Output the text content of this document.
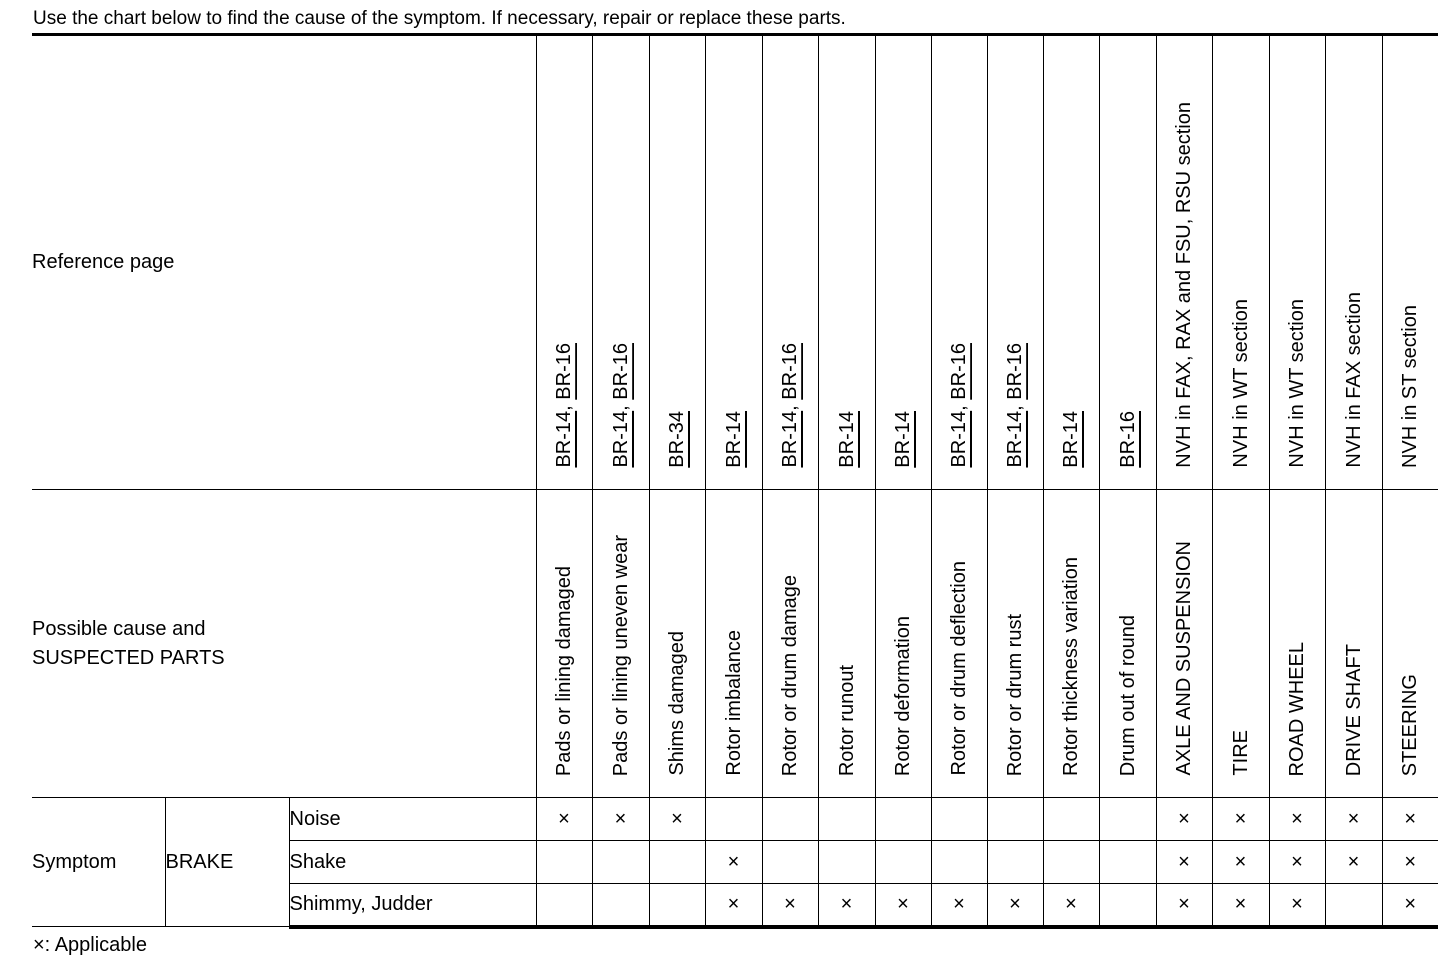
Use the chart below to find the cause of the symptom. If necessary, repair or replace these parts.
Reference page			BR-14, BR-16	BR-14, BR-16	BR-34	BR-14	BR-14, BR-16	BR-14	BR-14	BR-14, BR-16	BR-14, BR-16	BR-14	BR-16	NVH in FAX, RAX and FSU, RSU section	NVH in WT section	NVH in WT section	NVH in FAX section	NVH in ST section
Possible cause and
SUSPECTED PARTS			Pads or lining damaged	Pads or lining uneven wear	Shims damaged	Rotor imbalance	Rotor or drum damage	Rotor runout	Rotor deformation	Rotor or drum deflection	Rotor or drum rust	Rotor thickness variation	Drum out of round	AXLE AND SUSPENSION	TIRE	ROAD WHEEL	DRIVE SHAFT	STEERING
Symptom	BRAKE	Noise	×	×	×									×	×	×	×	×
		Shake				×								×	×	×	×	×
		Shimmy, Judder				×	×	×	×	×	×	×		×	×	×		×
×: Applicable
